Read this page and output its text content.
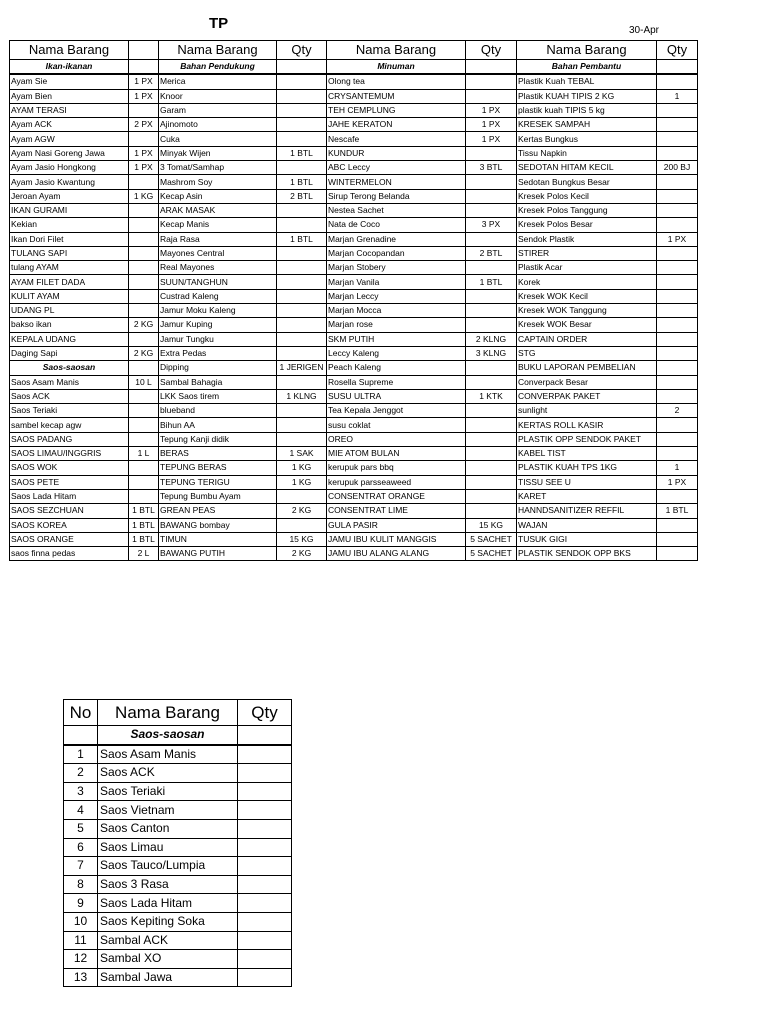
TP	30-Apr
Nama Barang		Nama Barang	Qty	Nama Barang	Qty	Nama Barang	Qty
Ikan-ikanan		Bahan Pendukung		Minuman		Bahan Pembantu	
Ayam Sie	1 PX	Merica		Olong tea		Plastik Kuah TEBAL	
Ayam Bien	1 PX	Knoor		CRYSANTEMUM		Plastik KUAH TIPIS 2 KG	1
AYAM TERASI		Garam		TEH CEMPLUNG	1 PX	plastik kuah TIPIS 5 kg	
Ayam ACK	2 PX	Ajinomoto		JAHE KERATON	1 PX	KRESEK SAMPAH	
Ayam AGW		Cuka		Nescafe	1 PX	Kertas Bungkus	
Ayam Nasi Goreng Jawa	1 PX	Minyak Wijen	1 BTL	KUNDUR		Tissu Napkin	
Ayam Jasio Hongkong	1 PX	3 Tomat/Samhap		ABC Leccy	3 BTL	SEDOTAN HITAM KECIL	200 BJ
Ayam Jasio Kwantung		Mashrom Soy	1 BTL	WINTERMELON		Sedotan Bungkus Besar	
Jeroan Ayam	1 KG	Kecap Asin	2 BTL	Sirup Terong Belanda		Kresek Polos Kecil	
IKAN GURAMI		ARAK MASAK		Nestea Sachet		Kresek Polos Tanggung	
Kekian		Kecap Manis		Nata de Coco	3 PX	Kresek Polos Besar	
Ikan Dori Filet		Raja Rasa	1 BTL	Marjan Grenadine		Sendok Plastik	1 PX
TULANG SAPI		Mayones Central		Marjan Cocopandan	2 BTL	STIRER	
tulang AYAM		Real Mayones		Marjan Stobery		Plastik Acar	
AYAM FILET DADA		SUUN/TANGHUN		Marjan Vanila	1 BTL	Korek	
KULIT AYAM		Custrad Kaleng		Marjan Leccy		Kresek WOK Kecil	
UDANG PL		Jamur Moku Kaleng		Marjan Mocca		Kresek WOK Tanggung	
bakso ikan	2 KG	Jamur Kuping		Marjan rose		Kresek WOK Besar	
KEPALA UDANG		Jamur Tungku		SKM PUTIH	2 KLNG	CAPTAIN ORDER	
Daging Sapi	2 KG	Extra Pedas		Leccy Kaleng	3 KLNG	STG	
Saos-saosan		Dipping	1 JERIGEN	Peach Kaleng		BUKU LAPORAN PEMBELIAN	
Saos Asam Manis	10 L	Sambal Bahagia		Rosella Supreme		Converpack Besar	
Saos ACK		LKK Saos tirem	1 KLNG	SUSU ULTRA	1 KTK	CONVERPAK PAKET	
Saos Teriaki		blueband		Tea Kepala Jenggot		sunlight	2
sambel kecap agw		Bihun AA		susu coklat		KERTAS ROLL KASIR	
SAOS PADANG		Tepung Kanji didik		OREO		PLASTIK OPP SENDOK PAKET	
SAOS LIMAU/INGGRIS	1 L	BERAS	1 SAK	MIE ATOM BULAN		KABEL TIST	
SAOS WOK		TEPUNG BERAS	1 KG	kerupuk pars bbq		PLASTIK KUAH TPS 1KG	1
SAOS PETE		TEPUNG TERIGU	1 KG	kerupuk parsseaweed		TISSU SEE U	1 PX
Saos Lada Hitam		Tepung Bumbu Ayam		CONSENTRAT ORANGE		KARET	
SAOS SEZCHUAN	1 BTL	GREAN PEAS	2 KG	CONSENTRAT LIME		HANNDSANITIZER REFFIL	1 BTL
SAOS KOREA	1 BTL	BAWANG bombay		GULA PASIR	15 KG	WAJAN	
SAOS ORANGE	1 BTL	TIMUN	15 KG	JAMU IBU KULIT MANGGIS	5 SACHET	TUSUK GIGI	
saos finna pedas	2 L	BAWANG PUTIH	2 KG	JAMU IBU ALANG ALANG	5 SACHET	PLASTIK SENDOK OPP BKS	
No	Nama Barang	Qty
	Saos-saosan	
1	Saos Asam Manis	
2	Saos ACK	
3	Saos Teriaki	
4	Saos Vietnam	
5	Saos Canton	
6	Saos Limau	
7	Saos Tauco/Lumpia	
8	Saos 3 Rasa	
9	Saos Lada Hitam	
10	Saos Kepiting Soka	
11	Sambal ACK	
12	Sambal XO	
13	Sambal Jawa	
